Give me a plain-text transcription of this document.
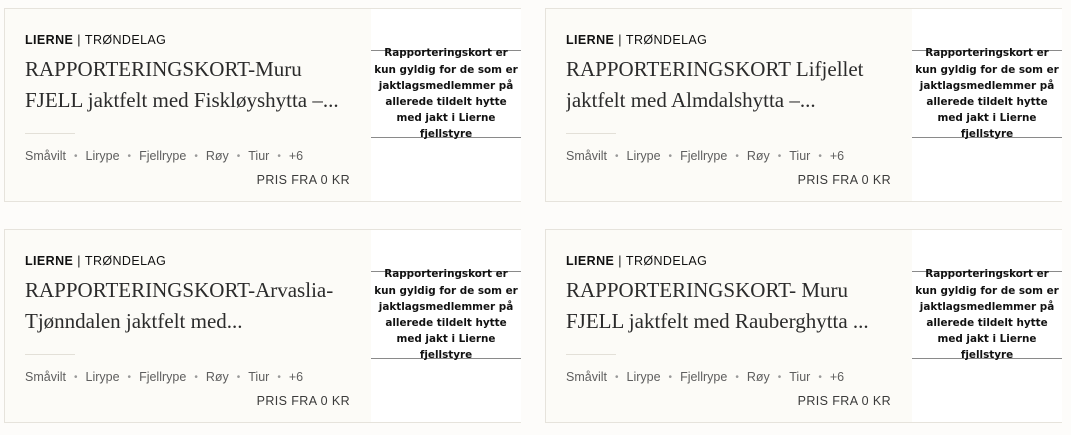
LIERNE | TRØNDELAG
RAPPORTERINGSKORT-Muru
FJELL jaktfelt med Fiskløyshytta –...
Småvilt • Lirype • Fjellrype • Røy • Tiur • +6
PRIS FRA 0 KR
Rapporteringskort er kun gyldig for de som er jaktlagsmedlemmer på allerede tildelt hytte med jakt i Lierne fjellstyre
LIERNE | TRØNDELAG
RAPPORTERINGSKORT Lifjellet
jaktfelt med Almdalshytta –...
Småvilt • Lirype • Fjellrype • Røy • Tiur • +6
PRIS FRA 0 KR
Rapporteringskort er kun gyldig for de som er jaktlagsmedlemmer på allerede tildelt hytte med jakt i Lierne fjellstyre
LIERNE | TRØNDELAG
RAPPORTERINGSKORT-Arvaslia-
Tjønndalen jaktfelt med...
Småvilt • Lirype • Fjellrype • Røy • Tiur • +6
PRIS FRA 0 KR
Rapporteringskort er kun gyldig for de som er jaktlagsmedlemmer på allerede tildelt hytte med jakt i Lierne fjellstyre
LIERNE | TRØNDELAG
RAPPORTERINGSKORT- Muru
FJELL jaktfelt med Rauberghytta ...
Småvilt • Lirype • Fjellrype • Røy • Tiur • +6
PRIS FRA 0 KR
Rapporteringskort er kun gyldig for de som er jaktlagsmedlemmer på allerede tildelt hytte med jakt i Lierne fjellstyre
